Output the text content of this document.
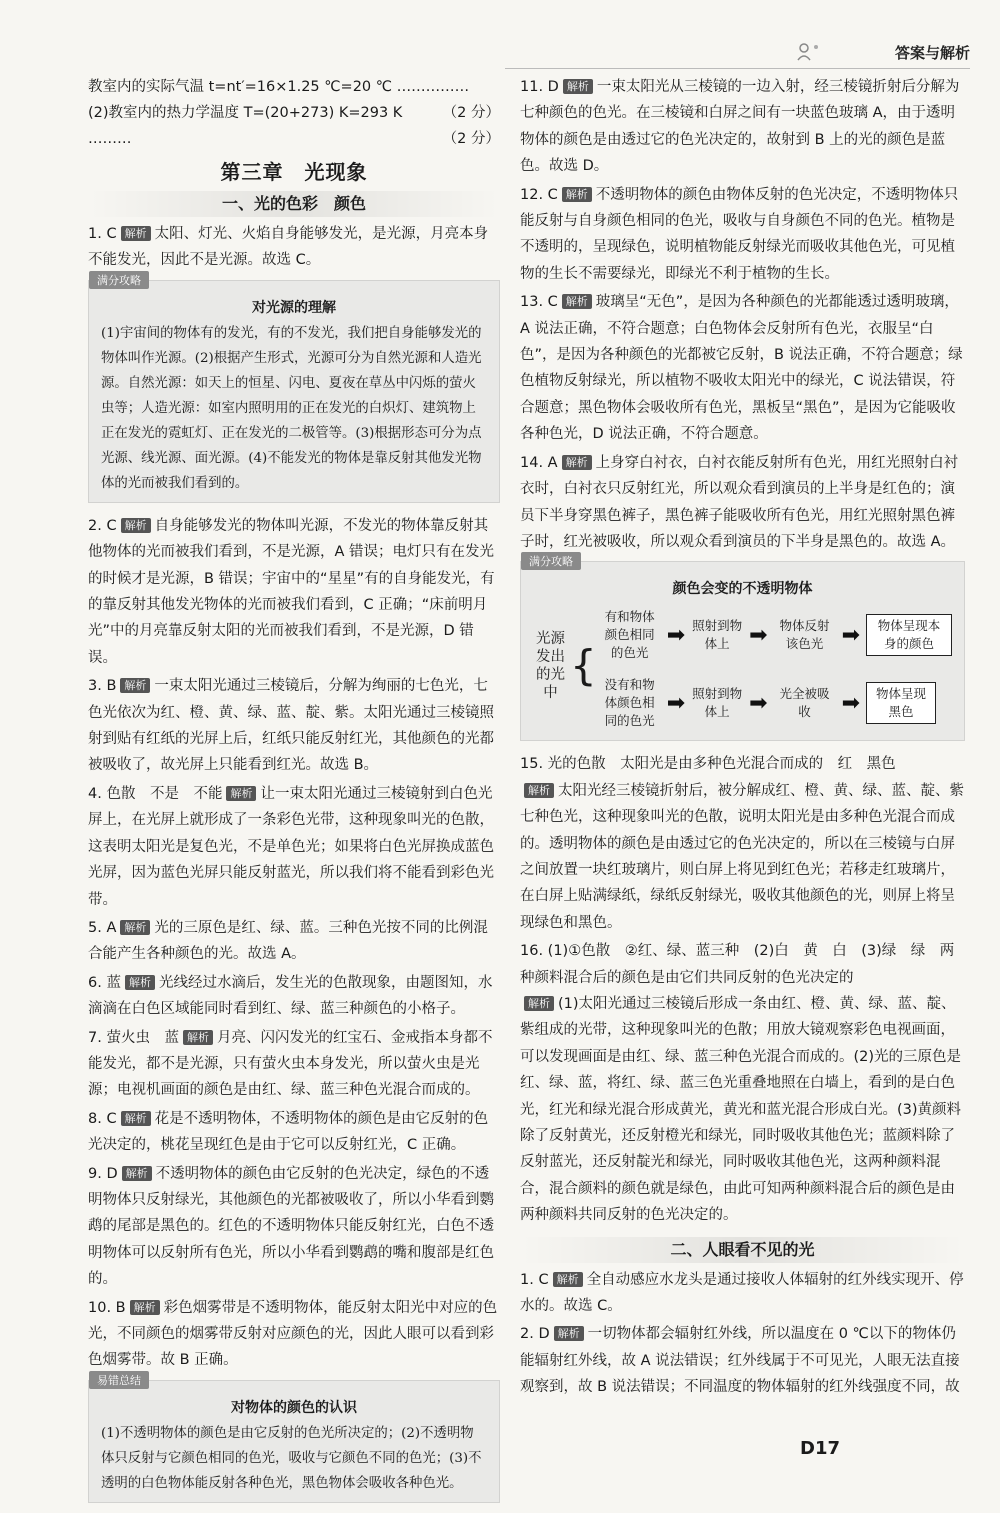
答案与解析
教室内的实际气温 t=nt′=16×1.25 ℃=20 ℃ ……………
（2 分）
(2)教室内的热力学温度 T=(20+273) K=293 K ………	（2 分）
第三章　光现象
一、光的色彩　颜色
1. C 解析 太阳、灯光、火焰自身能够发光，是光源，月亮本身不能发光，因此不是光源。故选 C。
满分攻略
对光源的理解
(1)宇宙间的物体有的发光，有的不发光，我们把自身能够发光的物体叫作光源。(2)根据产生形式，光源可分为自然光源和人造光源。自然光源：如天上的恒星、闪电、夏夜在草丛中闪烁的萤火虫等；人造光源：如室内照明用的正在发光的白炽灯、建筑物上正在发光的霓虹灯、正在发光的二极管等。(3)根据形态可分为点光源、线光源、面光源。(4)不能发光的物体是靠反射其他发光物体的光而被我们看到的。
2. C 解析 自身能够发光的物体叫光源，不发光的物体靠反射其他物体的光而被我们看到，不是光源，A 错误；电灯只有在发光的时候才是光源，B 错误；宇宙中的“星星”有的自身能发光，有的靠反射其他发光物体的光而被我们看到，C 正确；“床前明月光”中的月亮靠反射太阳的光而被我们看到，不是光源，D 错误。
3. B 解析 一束太阳光通过三棱镜后，分解为绚丽的七色光，七色光依次为红、橙、黄、绿、蓝、靛、紫。太阳光通过三棱镜照射到贴有红纸的光屏上后，红纸只能反射红光，其他颜色的光都被吸收了，故光屏上只能看到红光。故选 B。
4. 色散　不是　不能 解析 让一束太阳光通过三棱镜射到白色光屏上，在光屏上就形成了一条彩色光带，这种现象叫光的色散，这表明太阳光是复色光，不是单色光；如果将白色光屏换成蓝色光屏，因为蓝色光屏只能反射蓝光，所以我们将不能看到彩色光带。
5. A 解析 光的三原色是红、绿、蓝。三种色光按不同的比例混合能产生各种颜色的光。故选 A。
6. 蓝 解析 光线经过水滴后，发生光的色散现象，由题图知，水滴滴在白色区域能同时看到红、绿、蓝三种颜色的小格子。
7. 萤火虫　蓝 解析 月亮、闪闪发光的红宝石、金戒指本身都不能发光，都不是光源，只有萤火虫本身发光，所以萤火虫是光源；电视机画面的颜色是由红、绿、蓝三种色光混合而成的。
8. C 解析 花是不透明物体，不透明物体的颜色是由它反射的色光决定的，桃花呈现红色是由于它可以反射红光，C 正确。
9. D 解析 不透明物体的颜色由它反射的色光决定，绿色的不透明物体只反射绿光，其他颜色的光都被吸收了，所以小华看到鹦鹉的尾部是黑色的。红色的不透明物体只能反射红光，白色不透明物体可以反射所有色光，所以小华看到鹦鹉的嘴和腹部是红色的。
10. B 解析 彩色烟雾带是不透明物体，能反射太阳光中对应的色光，不同颜色的烟雾带反射对应颜色的光，因此人眼可以看到彩色烟雾带。故 B 正确。
易错总结
对物体的颜色的认识
(1)不透明物体的颜色是由它反射的色光所决定的；(2)不透明物体只反射与它颜色相同的色光，吸收与它颜色不同的色光；(3)不透明的白色物体能反射各种色光，黑色物体会吸收各种色光。
11. D 解析 一束太阳光从三棱镜的一边入射，经三棱镜折射后分解为七种颜色的色光。在三棱镜和白屏之间有一块蓝色玻璃 A，由于透明物体的颜色是由透过它的色光决定的，故射到 B 上的光的颜色是蓝色。故选 D。
12. C 解析 不透明物体的颜色由物体反射的色光决定，不透明物体只能反射与自身颜色相同的色光，吸收与自身颜色不同的色光。植物是不透明的，呈现绿色，说明植物能反射绿光而吸收其他色光，可见植物的生长不需要绿光，即绿光不利于植物的生长。
13. C 解析 玻璃呈“无色”，是因为各种颜色的光都能透过透明玻璃，A 说法正确，不符合题意；白色物体会反射所有色光，衣服呈“白色”，是因为各种颜色的光都被它反射，B 说法正确，不符合题意；绿色植物反射绿光，所以植物不吸收太阳光中的绿光，C 说法错误，符合题意；黑色物体会吸收所有色光，黑板呈“黑色”，是因为它能吸收各种色光，D 说法正确，不符合题意。
14. A 解析 上身穿白衬衣，白衬衣能反射所有色光，用红光照射白衬衣时，白衬衣只反射红光，所以观众看到演员的上半身是红色的；演员下半身穿黑色裤子，黑色裤子能吸收所有色光，用红光照射黑色裤子时，红光被吸收，所以观众看到演员的下半身是黑色的。故选 A。
满分攻略
颜色会变的不透明物体
光源发出的光中
{
有和物体颜色相同的色光
➡ 照射到物体上 ➡ 物体反射该色光 ➡	物体呈现本身的颜色
没有和物体颜色相同的色光
➡ 照射到物体上 ➡ 光全被吸收	➡	物体呈现黑色
15. 光的色散　太阳光是由多种色光混合而成的　红　黑色
解析 太阳光经三棱镜折射后，被分解成红、橙、黄、绿、蓝、靛、紫七种色光，这种现象叫光的色散，说明太阳光是由多种色光混合而成的。透明物体的颜色是由透过它的色光决定的，所以在三棱镜与白屏之间放置一块红玻璃片，则白屏上将见到红色光；若移走红玻璃片，在白屏上贴满绿纸，绿纸反射绿光，吸收其他颜色的光，则屏上将呈现绿色和黑色。
16. (1)①色散　②红、绿、蓝三种　(2)白　黄　白　(3)绿　绿　两种颜料混合后的颜色是由它们共同反射的色光决定的
解析 (1)太阳光通过三棱镜后形成一条由红、橙、黄、绿、蓝、靛、紫组成的光带，这种现象叫光的色散；用放大镜观察彩色电视画面，可以发现画面是由红、绿、蓝三种色光混合而成的。(2)光的三原色是红、绿、蓝，将红、绿、蓝三色光重叠地照在白墙上，看到的是白色光，红光和绿光混合形成黄光，黄光和蓝光混合形成白光。(3)黄颜料除了反射黄光，还反射橙光和绿光，同时吸收其他色光；蓝颜料除了反射蓝光，还反射靛光和绿光，同时吸收其他色光，这两种颜料混合，混合颜料的颜色就是绿色，由此可知两种颜料混合后的颜色是由两种颜料共同反射的色光决定的。
二、人眼看不见的光
1. C 解析 全自动感应水龙头是通过接收人体辐射的红外线实现开、停水的。故选 C。
2. D 解析 一切物体都会辐射红外线，所以温度在 0 ℃以下的物体仍能辐射红外线，故 A 说法错误；红外线属于不可见光，人眼无法直接观察到，故 B 说法错误；不同温度的物体辐射的红外线强度不同，故
D17
